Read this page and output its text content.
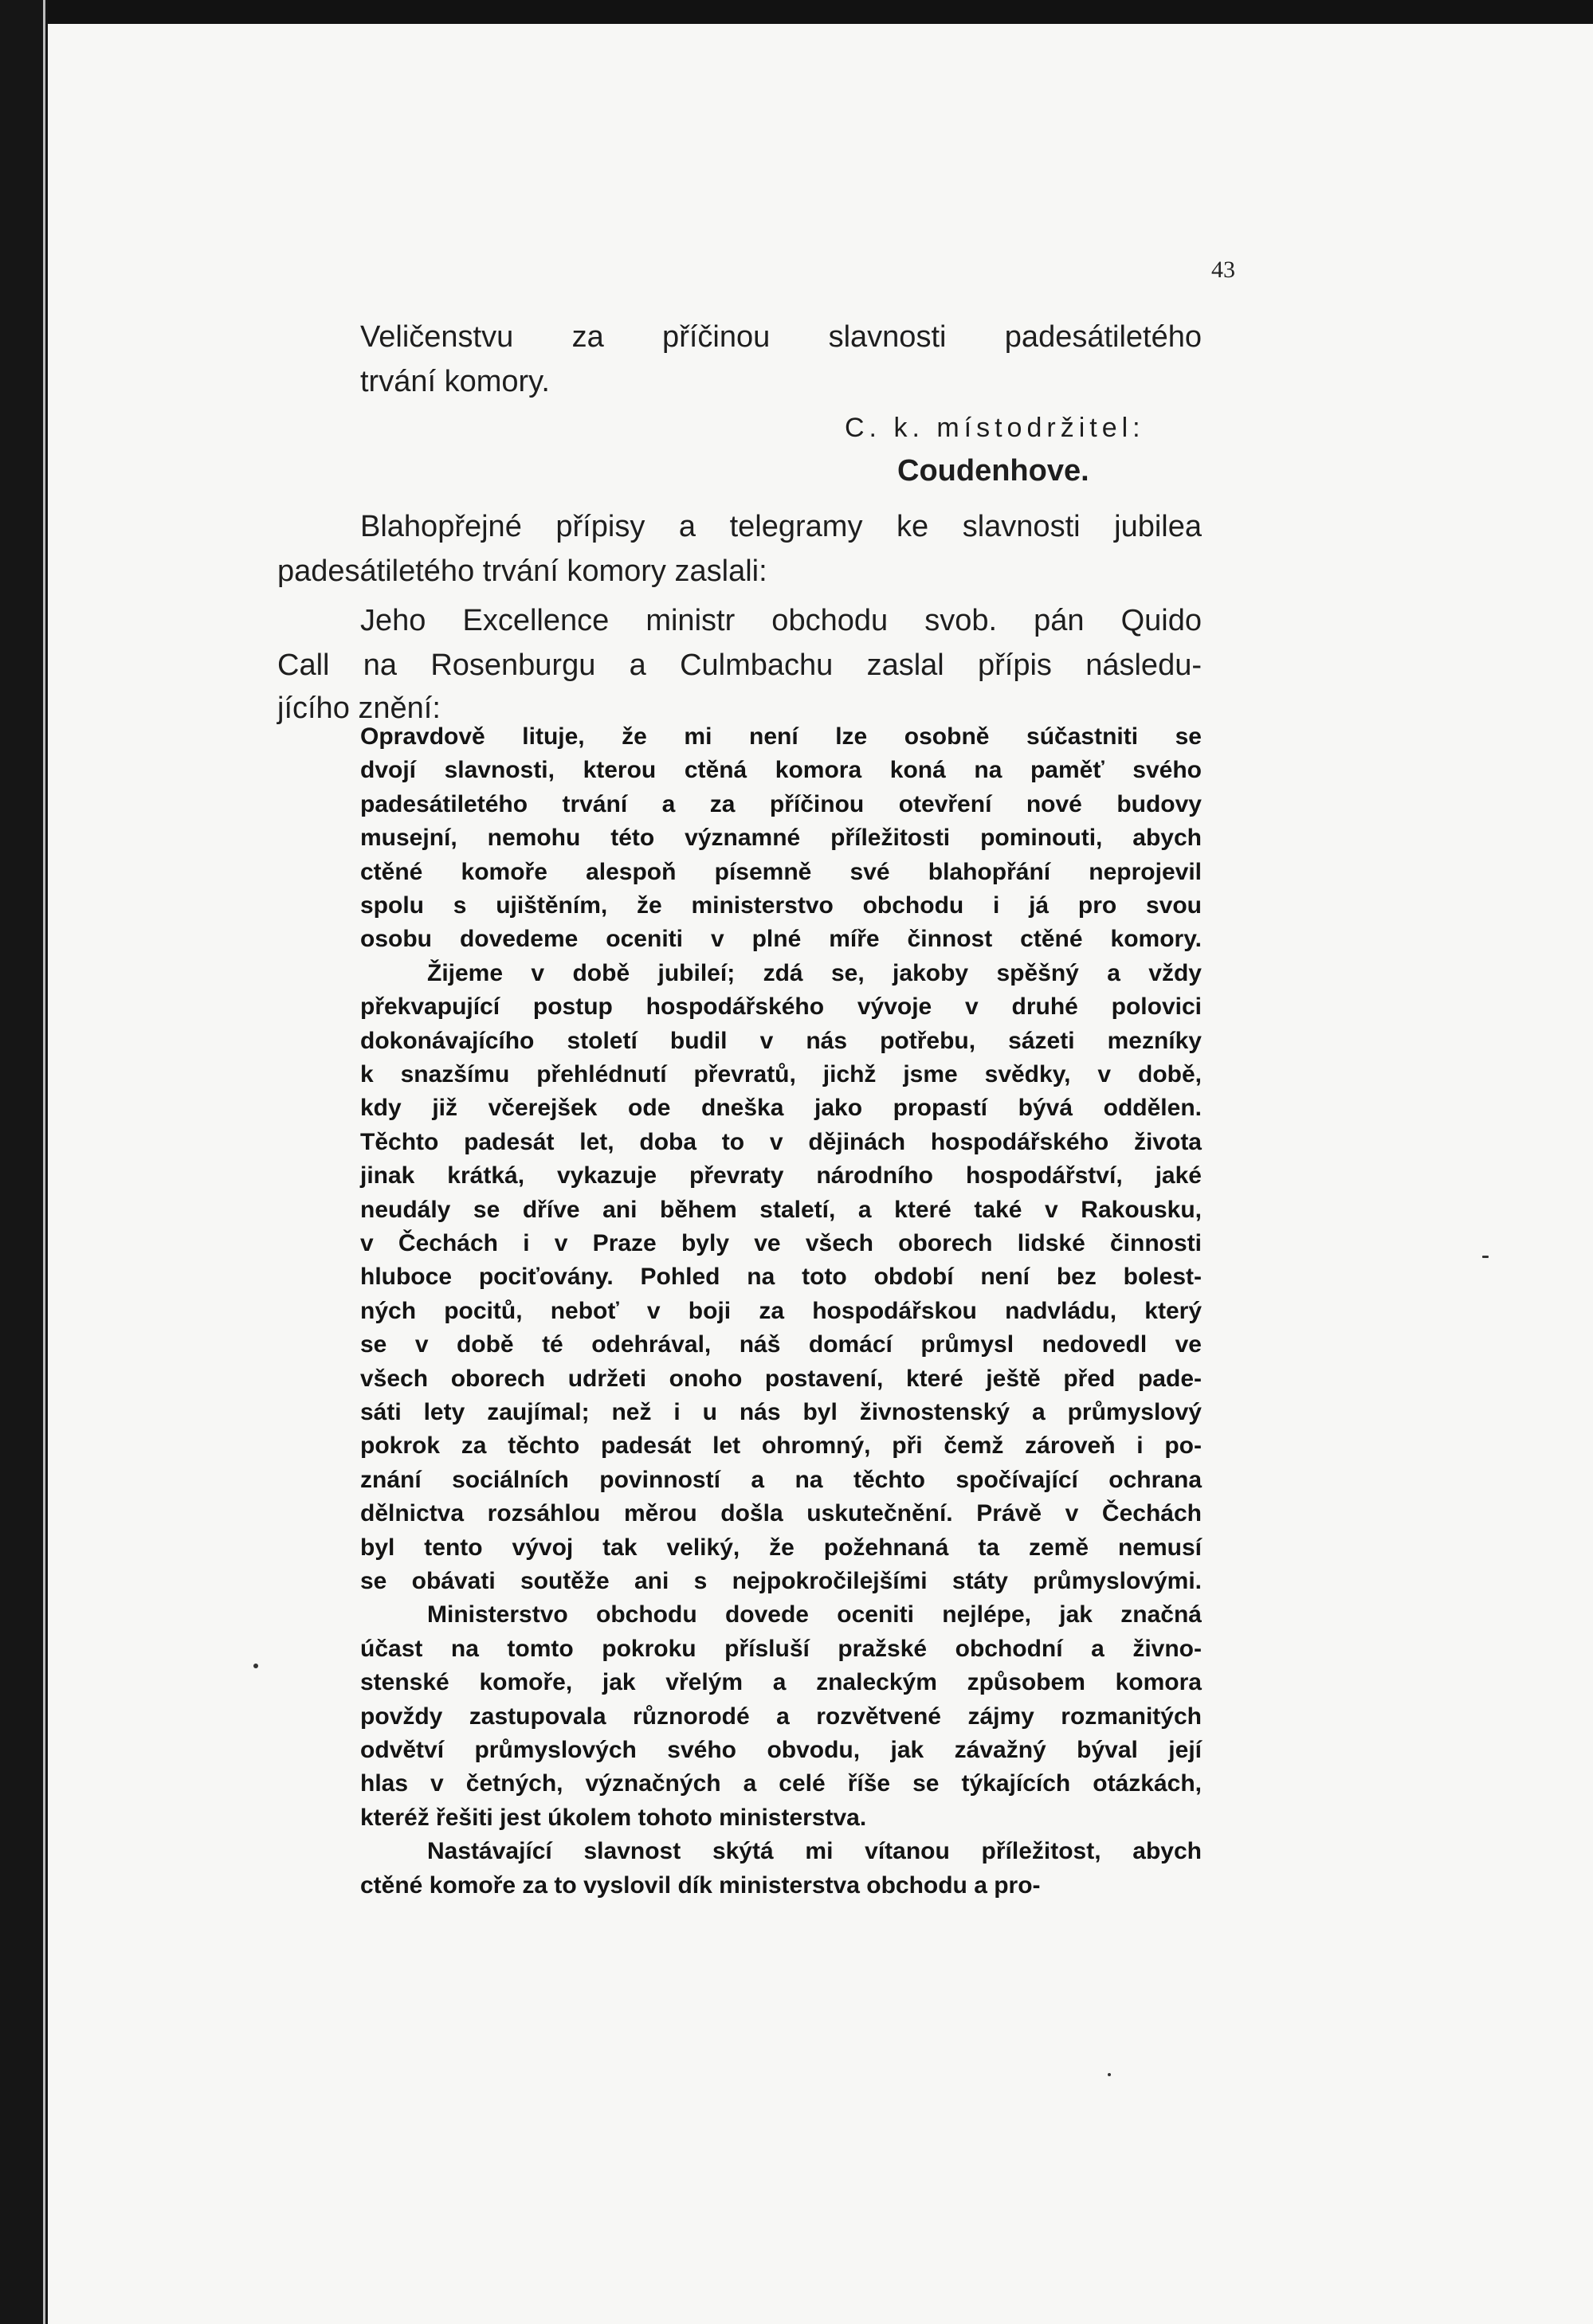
43
Veličenstvu za příčinou slavnosti padesátiletého
trvání komory.
C. k. místodržitel:
Coudenhove.
Blahopřejné přípisy a telegramy ke slavnosti jubilea
padesátiletého trvání komory zaslali:
Jeho Excellence ministr obchodu svob. pán Quido
Call na Rosenburgu a Culmbachu zaslal přípis následu-
jícího znění:
Opravdově lituje, že mi není lze osobně súčastniti se
dvojí slavnosti, kterou ctěná komora koná na paměť svého
padesátiletého trvání a za příčinou otevření nové budovy
musejní, nemohu této významné příležitosti pominouti, abych
ctěné komoře alespoň písemně své blahopřání neprojevil
spolu s ujištěním, že ministerstvo obchodu i já pro svou
osobu dovedeme oceniti v plné míře činnost ctěné komory.
Žijeme v době jubileí; zdá se, jakoby spěšný a vždy
překvapující postup hospodářského vývoje v druhé polovici
dokonávajícího století budil v nás potřebu, sázeti mezníky
k snazšímu přehlédnutí převratů, jichž jsme svědky, v době,
kdy již včerejšek ode dneška jako propastí bývá oddělen.
Těchto padesát let, doba to v dějinách hospodářského života
jinak krátká, vykazuje převraty národního hospodářství, jaké
neudály se dříve ani během staletí, a které také v Rakousku,
v Čechách i v Praze byly ve všech oborech lidské činnosti
hluboce pociťovány. Pohled na toto období není bez bolest-
ných pocitů, neboť v boji za hospodářskou nadvládu, který
se v době té odehrával, náš domácí průmysl nedovedl ve
všech oborech udržeti onoho postavení, které ještě před pade-
sáti lety zaujímal; než i u nás byl živnostenský a průmyslový
pokrok za těchto padesát let ohromný, při čemž zároveň i po-
znání sociálních povinností a na těchto spočívající ochrana
dělnictva rozsáhlou měrou došla uskutečnění. Právě v Čechách
byl tento vývoj tak veliký, že požehnaná ta země nemusí
se obávati soutěže ani s nejpokročilejšími státy průmyslovými.
Ministerstvo obchodu dovede oceniti nejlépe, jak značná
účast na tomto pokroku přísluší pražské obchodní a živno-
stenské komoře, jak vřelým a znaleckým způsobem komora
povždy zastupovala různorodé a rozvětvené zájmy rozmanitých
odvětví průmyslových svého obvodu, jak závažný býval její
hlas v četných, význačných a celé říše se týkajících otázkách,
kteréž řešiti jest úkolem tohoto ministerstva.
Nastávající slavnost skýtá mi vítanou příležitost, abych
ctěné komoře za to vyslovil dík ministerstva obchodu a pro-
